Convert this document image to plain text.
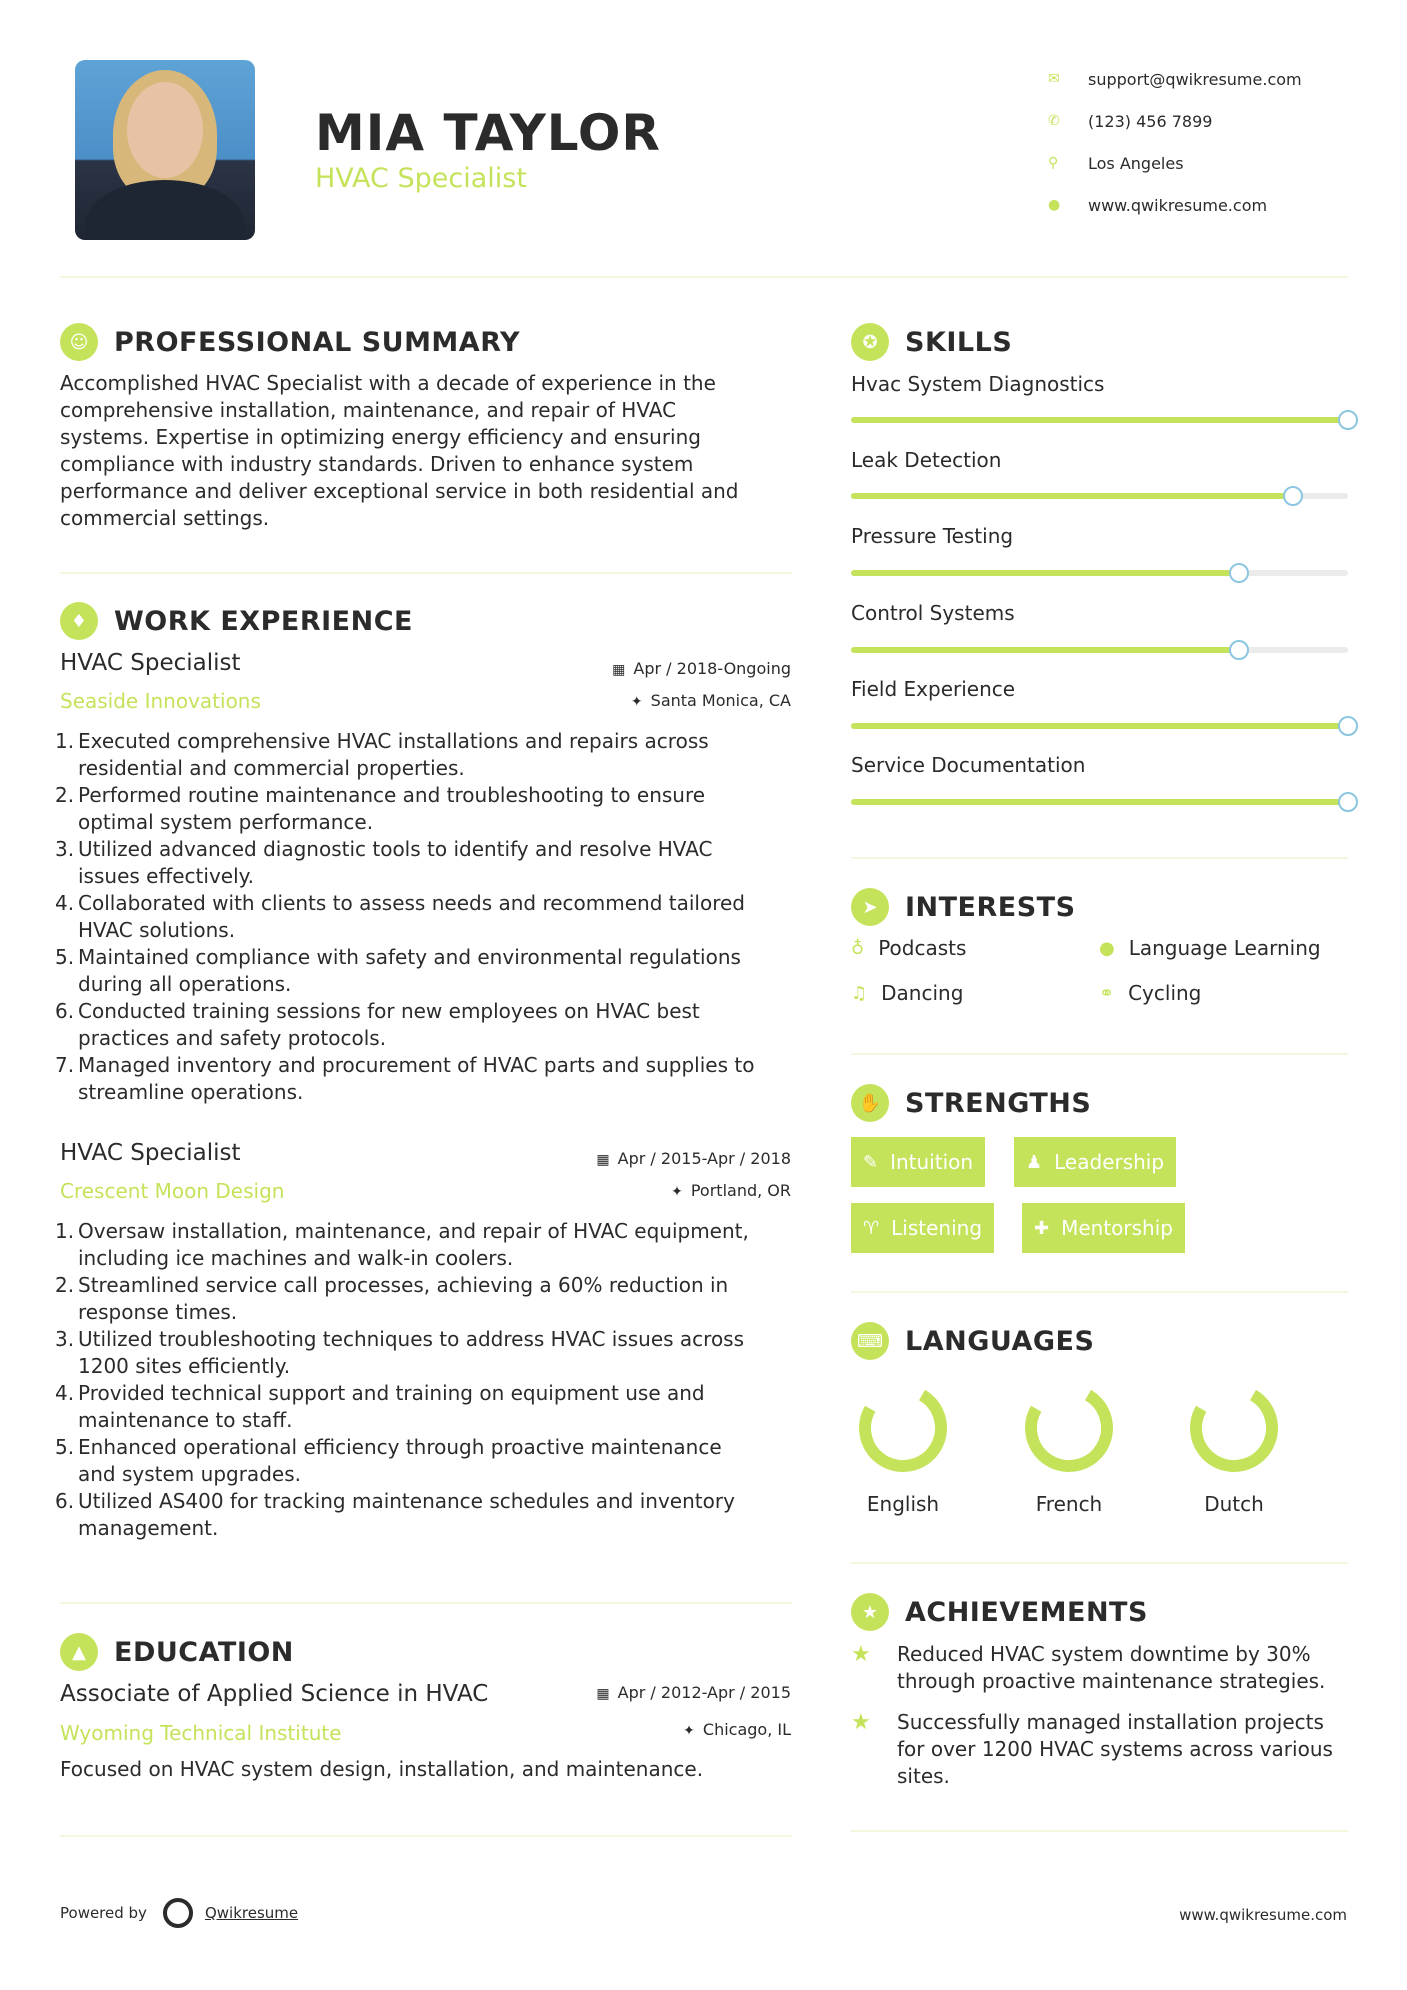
MIA TAYLOR
HVAC Specialist
✉	support@qwikresume.com
✆	(123) 456 7899
⚲	Los Angeles
●	www.qwikresume.com
☺ PROFESSIONAL SUMMARY
Accomplished HVAC Specialist with a decade of experience in the
comprehensive installation, maintenance, and repair of HVAC
systems. Expertise in optimizing energy efficiency and ensuring
compliance with industry standards. Driven to enhance system
performance and deliver exceptional service in both residential and
commercial settings.
♦ WORK EXPERIENCE
HVAC Specialist
Seaside Innovations
▦ Apr / 2018-Ongoing
✦ Santa Monica, CA
1. Executed comprehensive HVAC installations and repairs across
residential and commercial properties.
2. Performed routine maintenance and troubleshooting to ensure
optimal system performance.
3. Utilized advanced diagnostic tools to identify and resolve HVAC
issues effectively.
4. Collaborated with clients to assess needs and recommend tailored
HVAC solutions.
5. Maintained compliance with safety and environmental regulations
during all operations.
6. Conducted training sessions for new employees on HVAC best
practices and safety protocols.
7. Managed inventory and procurement of HVAC parts and supplies to
streamline operations.
HVAC Specialist
Crescent Moon Design
▦ Apr / 2015-Apr / 2018
✦ Portland, OR
1. Oversaw installation, maintenance, and repair of HVAC equipment,
including ice machines and walk-in coolers.
2. Streamlined service call processes, achieving a 60% reduction in
response times.
3. Utilized troubleshooting techniques to address HVAC issues across
1200 sites efficiently.
4. Provided technical support and training on equipment use and
maintenance to staff.
5. Enhanced operational efficiency through proactive maintenance
and system upgrades.
6. Utilized AS400 for tracking maintenance schedules and inventory
management.
▲	EDUCATION
Associate of Applied Science in HVAC
Wyoming Technical Institute
▦ Apr / 2012-Apr / 2015
✦ Chicago, IL
Focused on HVAC system design, installation, and maintenance.
✪	SKILLS
Hvac System Diagnostics
Leak Detection
Pressure Testing
Control Systems
Field Experience
Service Documentation
➤	INTERESTS
♁ Podcasts	● Language Learning
♫ Dancing	⚭ Cycling
✋ STRENGTHS
✎ Intuition	♟ Leadership
♈ Listening	✚ Mentorship
⌨ LANGUAGES
English	French	Dutch
★ ACHIEVEMENTS
★	Reduced HVAC system downtime by 30%
through proactive maintenance strategies.
★	Successfully managed installation projects
for over 1200 HVAC systems across various
sites.
Powered by	Qwikresume	www.qwikresume.com
